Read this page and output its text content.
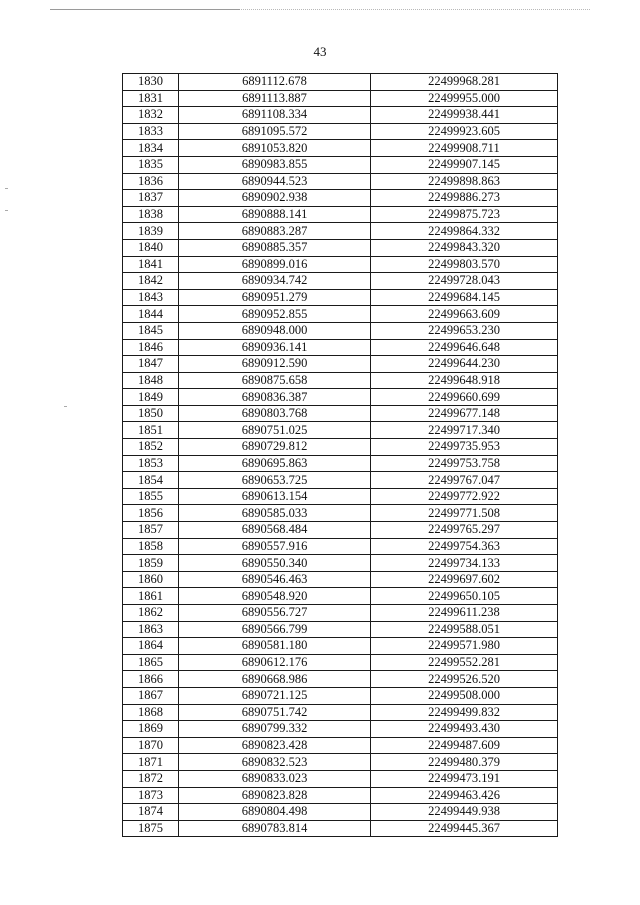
43
1830	6891112.678	22499968.281
1831	6891113.887	22499955.000
1832	6891108.334	22499938.441
1833	6891095.572	22499923.605
1834	6891053.820	22499908.711
1835	6890983.855	22499907.145
1836	6890944.523	22499898.863
1837	6890902.938	22499886.273
1838	6890888.141	22499875.723
1839	6890883.287	22499864.332
1840	6890885.357	22499843.320
1841	6890899.016	22499803.570
1842	6890934.742	22499728.043
1843	6890951.279	22499684.145
1844	6890952.855	22499663.609
1845	6890948.000	22499653.230
1846	6890936.141	22499646.648
1847	6890912.590	22499644.230
1848	6890875.658	22499648.918
1849	6890836.387	22499660.699
1850	6890803.768	22499677.148
1851	6890751.025	22499717.340
1852	6890729.812	22499735.953
1853	6890695.863	22499753.758
1854	6890653.725	22499767.047
1855	6890613.154	22499772.922
1856	6890585.033	22499771.508
1857	6890568.484	22499765.297
1858	6890557.916	22499754.363
1859	6890550.340	22499734.133
1860	6890546.463	22499697.602
1861	6890548.920	22499650.105
1862	6890556.727	22499611.238
1863	6890566.799	22499588.051
1864	6890581.180	22499571.980
1865	6890612.176	22499552.281
1866	6890668.986	22499526.520
1867	6890721.125	22499508.000
1868	6890751.742	22499499.832
1869	6890799.332	22499493.430
1870	6890823.428	22499487.609
1871	6890832.523	22499480.379
1872	6890833.023	22499473.191
1873	6890823.828	22499463.426
1874	6890804.498	22499449.938
1875	6890783.814	22499445.367
